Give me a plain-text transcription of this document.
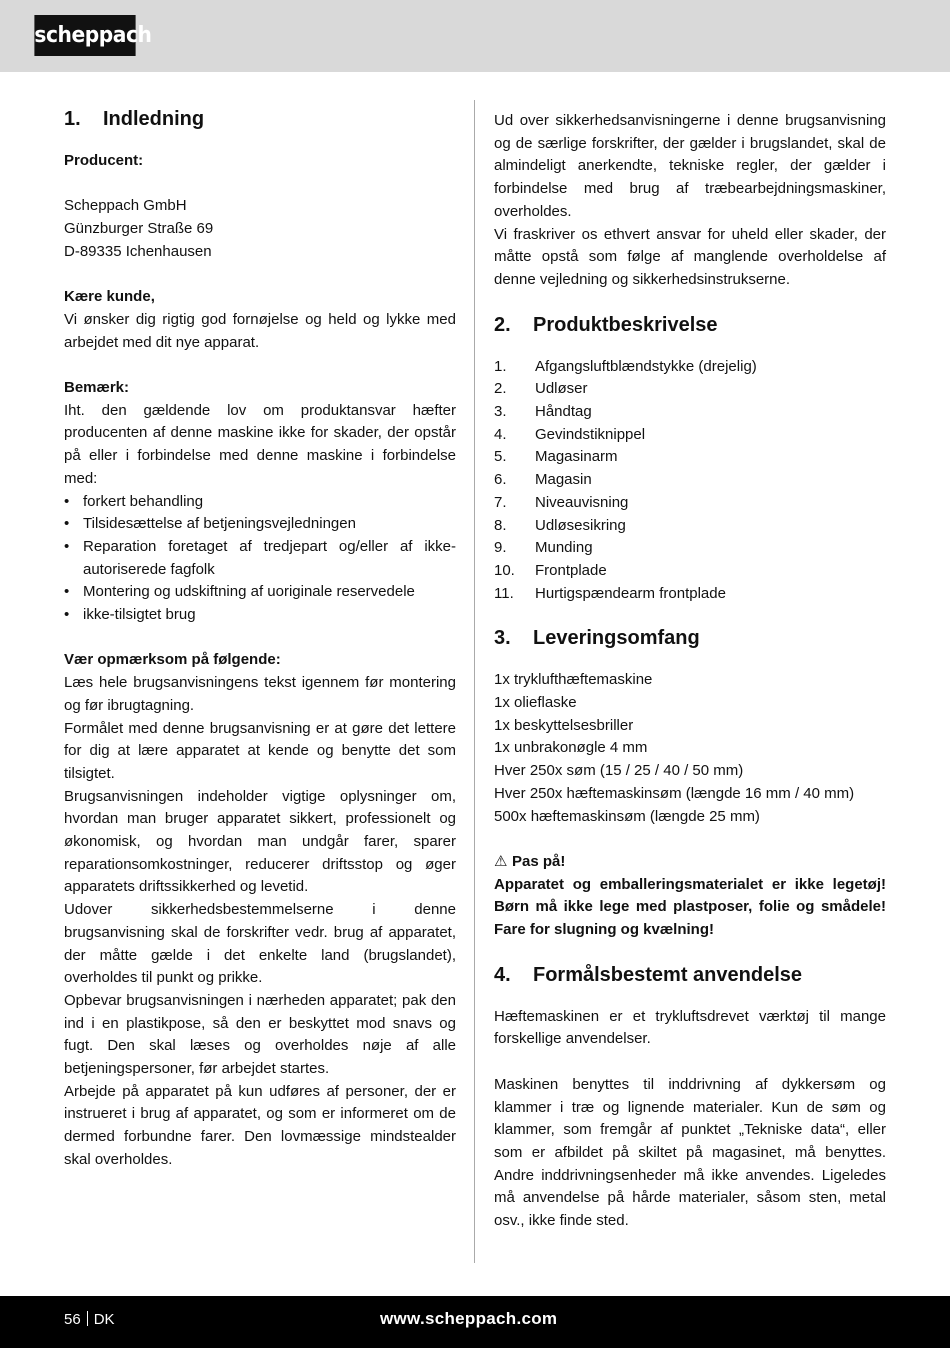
scheppach
1.	Indledning

Producent:

Scheppach GmbH

Günzburger Straße 69

D-89335 Ichenhausen

Kære kunde,

Vi ønsker dig rigtig god fornøjelse og held og lykke med arbejdet med dit nye apparat.

Bemærk:

Iht. den gældende lov om produktansvar hæfter producenten af denne maskine ikke for skader, der opstår på eller i forbindelse med denne maskine i forbindelse med:

• forkert behandling
• Tilsidesættelse af betjeningsvejledningen
• Reparation foretaget af tredjepart og/eller af ikke-autoriserede fagfolk
• Montering og udskiftning af uoriginale reservedele
• ikke-tilsigtet brug

Vær opmærksom på følgende:

Læs hele brugsanvisningens tekst igennem før montering og før ibrugtagning.

Formålet med denne brugsanvisning er at gøre det lettere for dig at lære apparatet at kende og benytte det som tilsigtet.

Brugsanvisningen indeholder vigtige oplysninger om, hvordan man bruger apparatet sikkert, professionelt og økonomisk, og hvordan man undgår farer, sparer reparationsomkostninger, reducerer driftsstop og øger apparatets driftssikkerhed og levetid.

Udover sikkerhedsbestemmelserne i denne brugsanvisning skal de forskrifter vedr. brug af apparatet, der måtte gælde i det enkelte land (brugslandet), overholdes til punkt og prikke.

Opbevar brugsanvisningen i nærheden apparatet; pak den ind i en plastikpose, så den er beskyttet mod snavs og fugt. Den skal læses og overholdes nøje af alle betjeningspersoner, før arbejdet startes.

Arbejde på apparatet på kun udføres af personer, der er instrueret i brug af apparatet, og som er informeret om de dermed forbundne farer. Den lovmæssige mindstealder skal overholdes.

Ud over sikkerhedsanvisningerne i denne brugsanvisning og de særlige forskrifter, der gælder i brugslandet, skal de almindeligt anerkendte, tekniske regler, der gælder i forbindelse med brug af træbearbejdningsmaskiner, overholdes.

Vi fraskriver os ethvert ansvar for uheld eller skader, der måtte opstå som følge af manglende overholdelse af denne vejledning og sikkerhedsinstrukserne.

2.	Produktbeskrivelse
1.	Afgangsluftblændstykke (drejelig)
2.	Udløser
3.	Håndtag
4.	Gevindstiknippel
5.	Magasinarm
6.	Magasin
7.	Niveauvisning
8.	Udløsesikring
9.	Munding
10.	Frontplade
11.	Hurtigspændearm frontplade
3.	Leveringsomfang

1x tryklufthæftemaskine

1x olieflaske

1x beskyttelsesbriller

1x unbrakonøgle 4 mm

Hver 250x søm (15 / 25 / 40 / 50 mm)

Hver 250x hæftemaskinsøm (længde 16 mm / 40 mm)

500x hæftemaskinsøm (længde 25 mm)

⚠ Pas på!

Apparatet og emballeringsmaterialet er ikke legetøj! Børn må ikke lege med plastposer, folie og smådele! Fare for slugning og kvælning!

4.	Formålsbestemt anvendelse

Hæftemaskinen er et trykluftsdrevet værktøj til mange forskellige anvendelser.

Maskinen benyttes til inddrivning af dykkersøm og klammer i træ og lignende materialer. Kun de søm og klammer, som fremgår af punktet „Tekniske data“, eller som er afbildet på skiltet på magasinet, må benyttes. Andre inddrivningsenheder må ikke anvendes. Ligeledes må anvendelse på hårde materialer, såsom sten, metal osv., ikke finde sted.

56 DK	www.scheppach.com
